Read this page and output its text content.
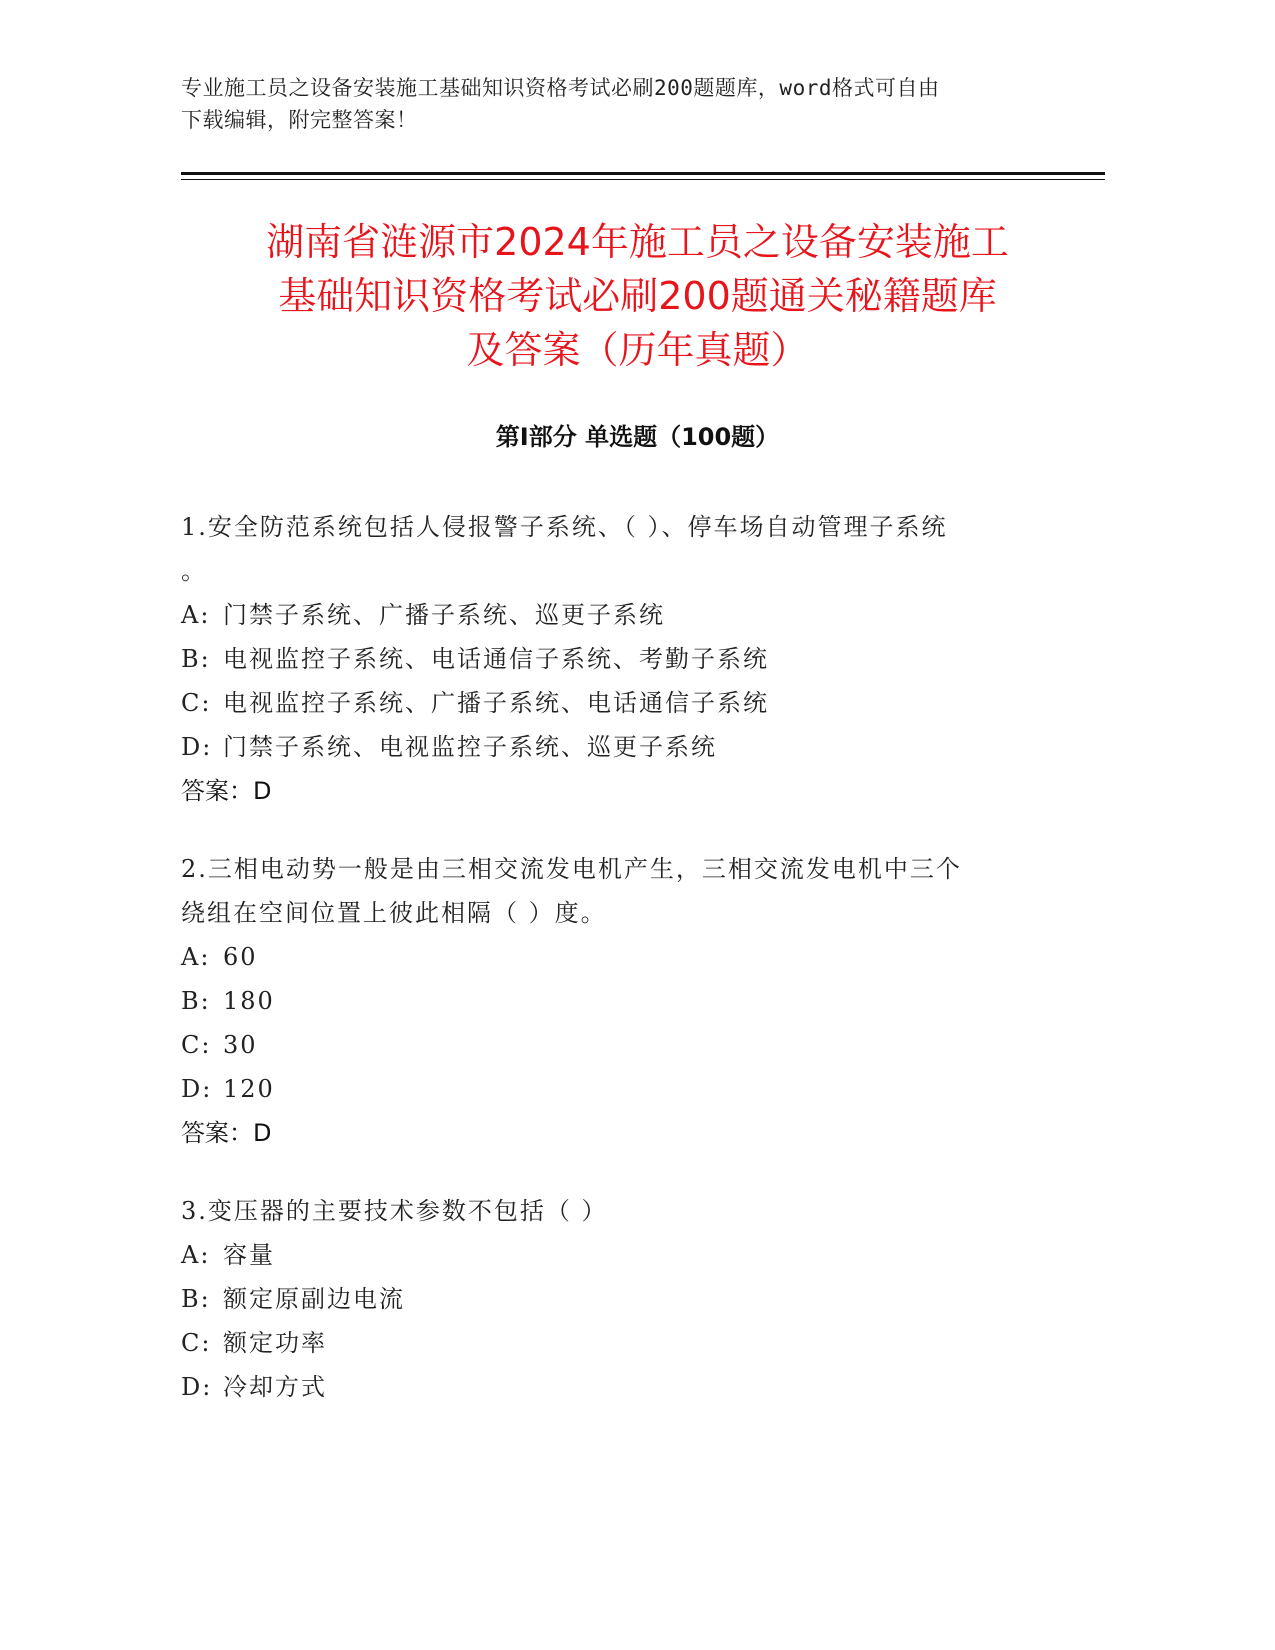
专业施工员之设备安装施工基础知识资格考试必刷200题题库，word格式可自由
下载编辑，附完整答案！
湖南省涟源市2024年施工员之设备安装施工
基础知识资格考试必刷200题通关秘籍题库
及答案（历年真题）
第Ⅰ部分 单选题（100题）

1.安全防范系统包括人侵报警子系统、（ ）、停车场自动管理子系统

。

A: 门禁子系统、广播子系统、巡更子系统

B: 电视监控子系统、电话通信子系统、考勤子系统

C: 电视监控子系统、广播子系统、电话通信子系统

D: 门禁子系统、电视监控子系统、巡更子系统

答案：D

2.三相电动势一般是由三相交流发电机产生，三相交流发电机中三个

绕组在空间位置上彼此相隔（ ）度。

A: 60

B: 180

C: 30

D: 120

答案：D

3.变压器的主要技术参数不包括（ ）

A: 容量

B: 额定原副边电流

C: 额定功率

D: 冷却方式
